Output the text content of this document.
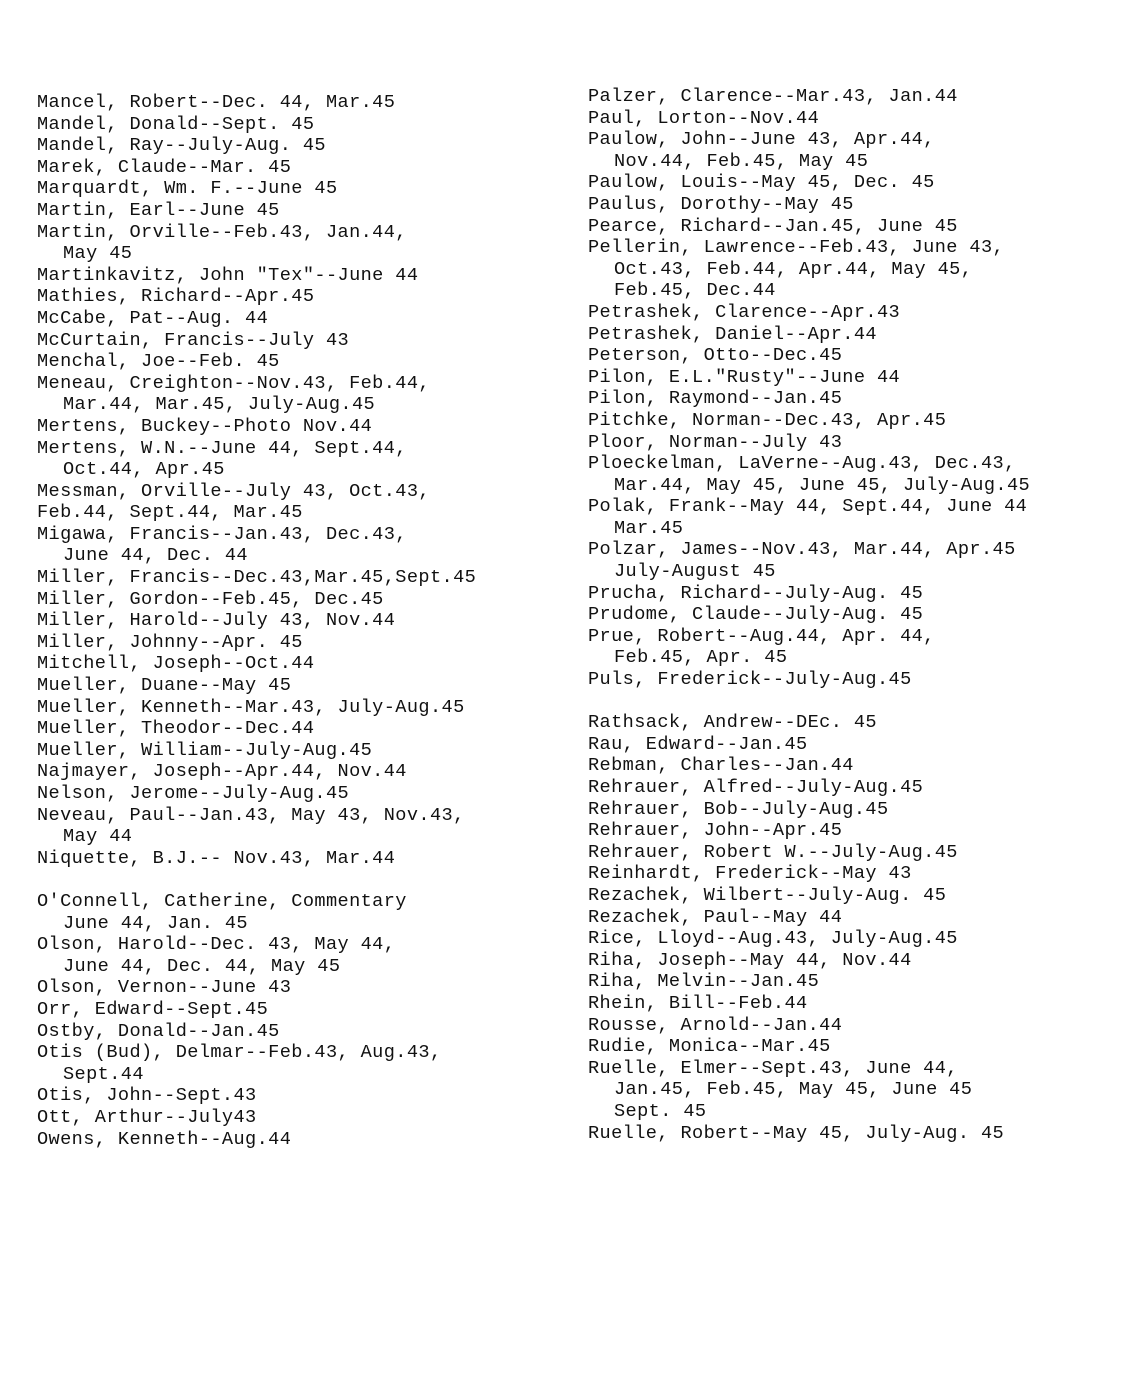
Mancel, Robert--Dec. 44, Mar.45
Mandel, Donald--Sept. 45
Mandel, Ray--July-Aug. 45
Marek, Claude--Mar. 45
Marquardt, Wm. F.--June 45
Martin, Earl--June 45
Martin, Orville--Feb.43, Jan.44,
May 45
Martinkavitz, John "Tex"--June 44
Mathies, Richard--Apr.45
McCabe, Pat--Aug. 44
McCurtain, Francis--July 43
Menchal, Joe--Feb. 45
Meneau, Creighton--Nov.43, Feb.44,
Mar.44, Mar.45, July-Aug.45
Mertens, Buckey--Photo Nov.44
Mertens, W.N.--June 44, Sept.44,
Oct.44, Apr.45
Messman, Orville--July 43, Oct.43,
Feb.44, Sept.44, Mar.45
Migawa, Francis--Jan.43, Dec.43,
June 44, Dec. 44
Miller, Francis--Dec.43,Mar.45,Sept.45
Miller, Gordon--Feb.45, Dec.45
Miller, Harold--July 43, Nov.44
Miller, Johnny--Apr. 45
Mitchell, Joseph--Oct.44
Mueller, Duane--May 45
Mueller, Kenneth--Mar.43, July-Aug.45
Mueller, Theodor--Dec.44
Mueller, William--July-Aug.45
Najmayer, Joseph--Apr.44, Nov.44
Nelson, Jerome--July-Aug.45
Neveau, Paul--Jan.43, May 43, Nov.43,
May 44
Niquette, B.J.-- Nov.43, Mar.44
O'Connell, Catherine, Commentary
June 44, Jan. 45
Olson, Harold--Dec. 43, May 44,
June 44, Dec. 44, May 45
Olson, Vernon--June 43
Orr, Edward--Sept.45
Ostby, Donald--Jan.45
Otis (Bud), Delmar--Feb.43, Aug.43,
Sept.44
Otis, John--Sept.43
Ott, Arthur--July43
Owens, Kenneth--Aug.44
Palzer, Clarence--Mar.43, Jan.44
Paul, Lorton--Nov.44
Paulow, John--June 43, Apr.44,
Nov.44, Feb.45, May 45
Paulow, Louis--May 45, Dec. 45
Paulus, Dorothy--May 45
Pearce, Richard--Jan.45, June 45
Pellerin, Lawrence--Feb.43, June 43,
Oct.43, Feb.44, Apr.44, May 45,
Feb.45, Dec.44
Petrashek, Clarence--Apr.43
Petrashek, Daniel--Apr.44
Peterson, Otto--Dec.45
Pilon, E.L."Rusty"--June 44
Pilon, Raymond--Jan.45
Pitchke, Norman--Dec.43, Apr.45
Ploor, Norman--July 43
Ploeckelman, LaVerne--Aug.43, Dec.43,
Mar.44, May 45, June 45, July-Aug.45
Polak, Frank--May 44, Sept.44, June 44
Mar.45
Polzar, James--Nov.43, Mar.44, Apr.45
July-August 45
Prucha, Richard--July-Aug. 45
Prudome, Claude--July-Aug. 45
Prue, Robert--Aug.44, Apr. 44,
Feb.45, Apr. 45
Puls, Frederick--July-Aug.45
Rathsack, Andrew--DEc. 45
Rau, Edward--Jan.45
Rebman, Charles--Jan.44
Rehrauer, Alfred--July-Aug.45
Rehrauer, Bob--July-Aug.45
Rehrauer, John--Apr.45
Rehrauer, Robert W.--July-Aug.45
Reinhardt, Frederick--May 43
Rezachek, Wilbert--July-Aug. 45
Rezachek, Paul--May 44
Rice, Lloyd--Aug.43, July-Aug.45
Riha, Joseph--May 44, Nov.44
Riha, Melvin--Jan.45
Rhein, Bill--Feb.44
Rousse, Arnold--Jan.44
Rudie, Monica--Mar.45
Ruelle, Elmer--Sept.43, June 44,
Jan.45, Feb.45, May 45, June 45
Sept. 45
Ruelle, Robert--May 45, July-Aug. 45
